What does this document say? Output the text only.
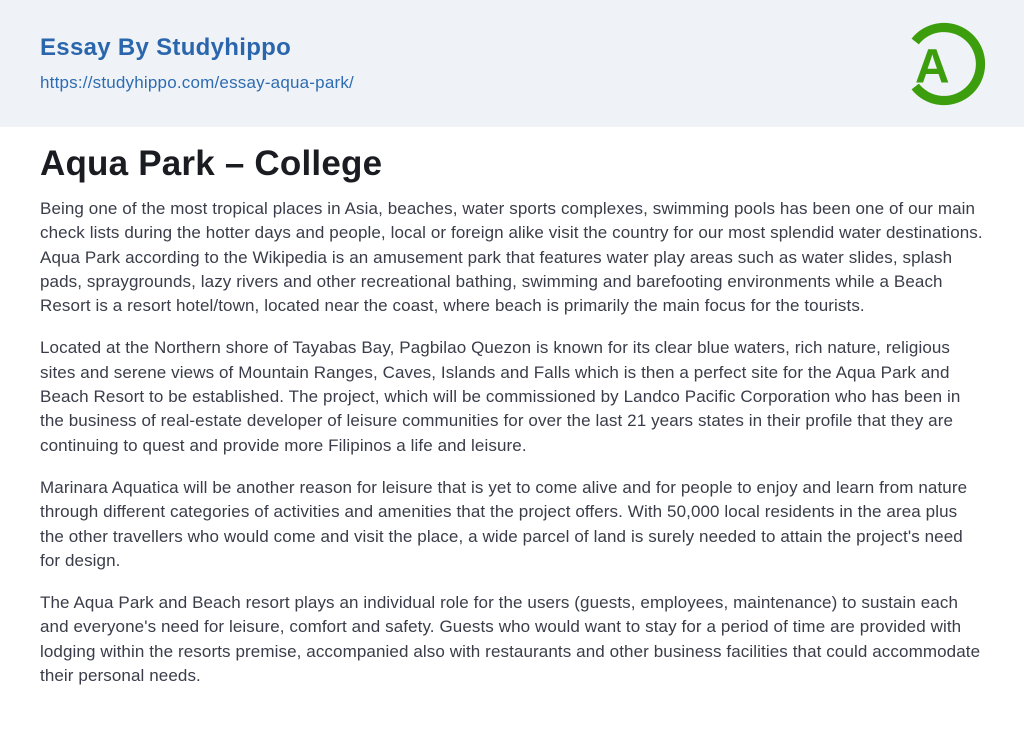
Essay By Studyhippo
https://studyhippo.com/essay-aqua-park/	A
Aqua Park – College

Being one of the most tropical places in Asia, beaches, water sports complexes, swimming pools has been one of our main check lists during the hotter days and people, local or foreign alike visit the country for our most splendid water destinations. Aqua Park according to the Wikipedia is an amusement park that features water play areas such as water slides, splash pads, spraygrounds, lazy rivers and other recreational bathing, swimming and barefooting environments while a Beach Resort is a resort hotel/town, located near the coast, where beach is primarily the main focus for the tourists.

Located at the Northern shore of Tayabas Bay, Pagbilao Quezon is known for its clear blue waters, rich nature, religious sites and serene views of Mountain Ranges, Caves, Islands and Falls which is then a perfect site for the Aqua Park and Beach Resort to be established. The project, which will be commissioned by Landco Pacific Corporation who has been in the business of real-estate developer of leisure communities for over the last 21 years states in their profile that they are continuing to quest and provide more Filipinos a life and leisure.

Marinara Aquatica will be another reason for leisure that is yet to come alive and for people to enjoy and learn from nature through different categories of activities and amenities that the project offers. With 50,000 local residents in the area plus the other travellers who would come and visit the place, a wide parcel of land is surely needed to attain the project's need for design.

The Aqua Park and Beach resort plays an individual role for the users (guests, employees, maintenance) to sustain each and everyone's need for leisure, comfort and safety. Guests who would want to stay for a period of time are provided with lodging within the resorts premise, accompanied also with restaurants and other business facilities that could accommodate their personal needs.
